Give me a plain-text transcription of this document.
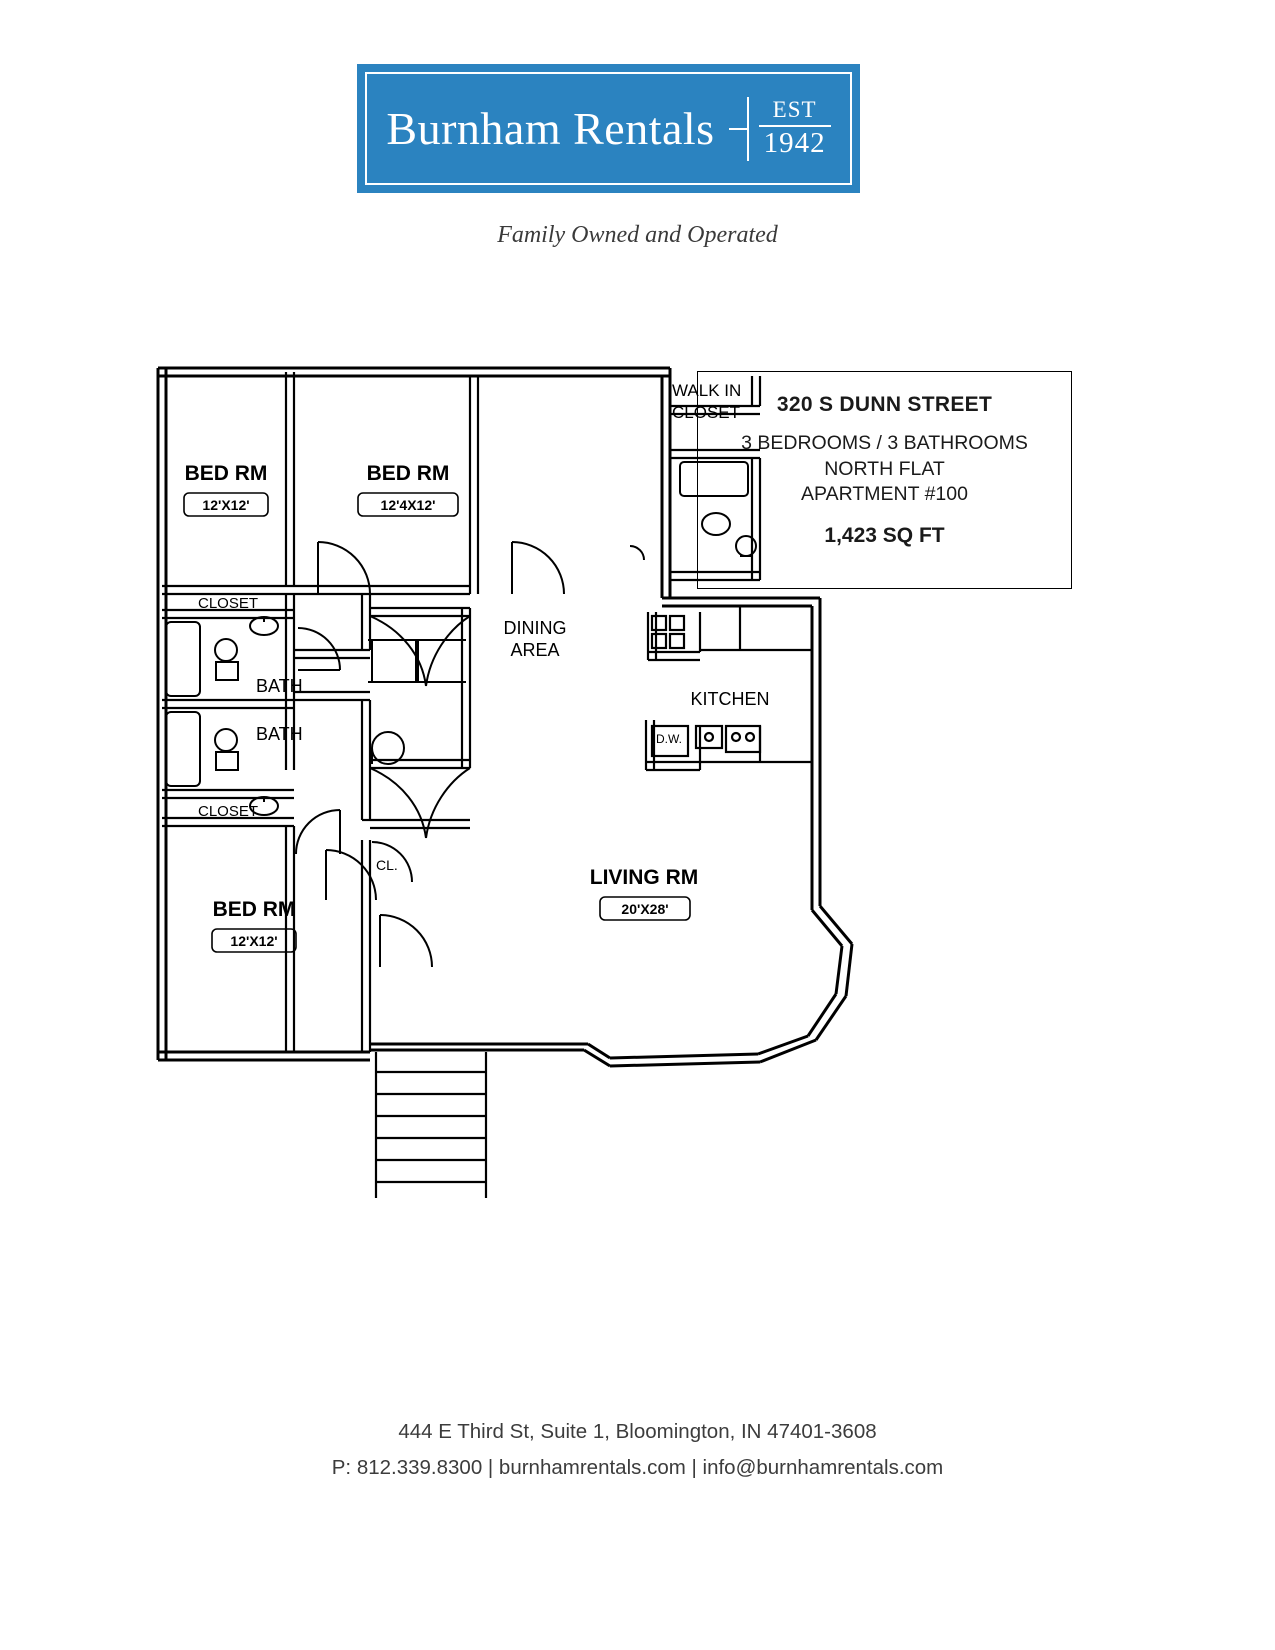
Burnham Rentals	EST
1942
Family Owned and Operated
320 S DUNN STREET
3 BEDROOMS / 3 BATHROOMS
NORTH FLAT
APARTMENT #100
1,423 SQ FT
BED RM
12'X12'
BED RM
12'4X12'
BED RM
12'X12'
LIVING RM
20'X28'
WALK IN
CLOSET
CLOSET
CLOSET
BATH
BATH
DINING
AREA
KITCHEN
D.W.
CL.
444 E Third St, Suite 1, Bloomington, IN 47401-3608
P: 812.339.8300 | burnhamrentals.com | info@burnhamrentals.com
